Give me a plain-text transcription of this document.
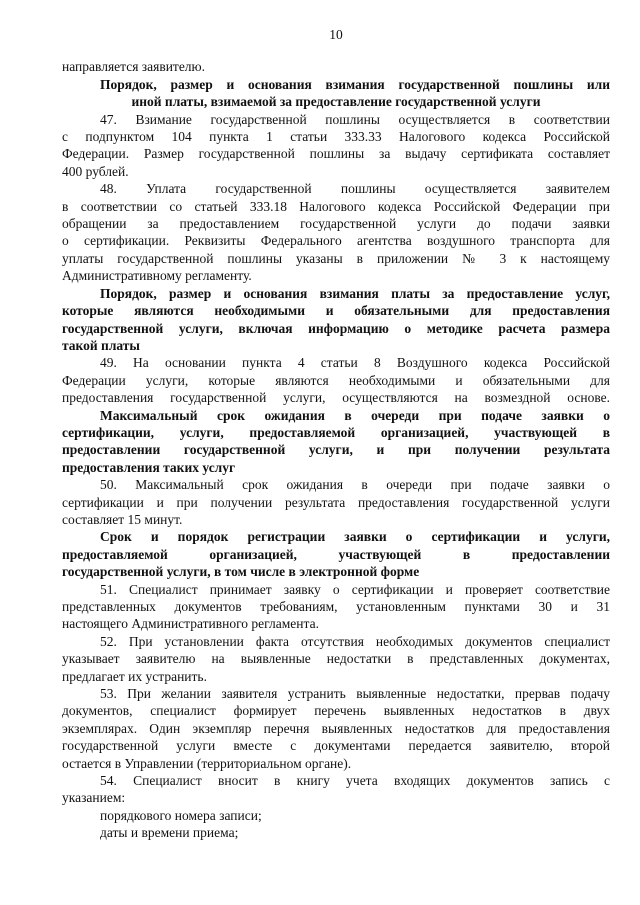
10
направляется заявителю.
Порядок, размер и основания взимания государственной пошлины или
иной платы, взимаемой за предоставление государственной услуги
47. Взимание государственной пошлины осуществляется в соответствии
с подпунктом 104 пункта 1 статьи 333.33 Налогового кодекса Российской
Федерации. Размер государственной пошлины за выдачу сертификата составляет
400 рублей.
48. Уплата государственной пошлины осуществляется заявителем
в соответствии со статьей 333.18 Налогового кодекса Российской Федерации при
обращении за предоставлением государственной услуги до подачи заявки
о сертификации. Реквизиты Федерального агентства воздушного транспорта для
уплаты государственной пошлины указаны в приложении № 3 к настоящему
Административному регламенту.
Порядок, размер и основания взимания платы за предоставление услуг,
которые являются необходимыми и обязательными для предоставления
государственной услуги, включая информацию о методике расчета размера
такой платы
49. На основании пункта 4 статьи 8 Воздушного кодекса Российской
Федерации услуги, которые являются необходимыми и обязательными для
предоставления государственной услуги, осуществляются на возмездной основе.
Максимальный срок ожидания в очереди при подаче заявки о
сертификации, услуги, предоставляемой организацией, участвующей в
предоставлении государственной услуги, и при получении результата
предоставления таких услуг
50. Максимальный срок ожидания в очереди при подаче заявки о
сертификации и при получении результата предоставления государственной услуги
составляет 15 минут.
Срок и порядок регистрации заявки о сертификации и услуги,
предоставляемой организацией, участвующей в предоставлении
государственной услуги, в том числе в электронной форме
51. Специалист принимает заявку о сертификации и проверяет соответствие
представленных документов требованиям, установленным пунктами 30 и 31
настоящего Административного регламента.
52. При установлении факта отсутствия необходимых документов специалист
указывает заявителю на выявленные недостатки в представленных документах,
предлагает их устранить.
53. При желании заявителя устранить выявленные недостатки, прервав подачу
документов, специалист формирует перечень выявленных недостатков в двух
экземплярах. Один экземпляр перечня выявленных недостатков для предоставления
государственной услуги вместе с документами передается заявителю, второй
остается в Управлении (территориальном органе).
54. Специалист вносит в книгу учета входящих документов запись с
указанием:
порядкового номера записи;
даты и времени приема;
